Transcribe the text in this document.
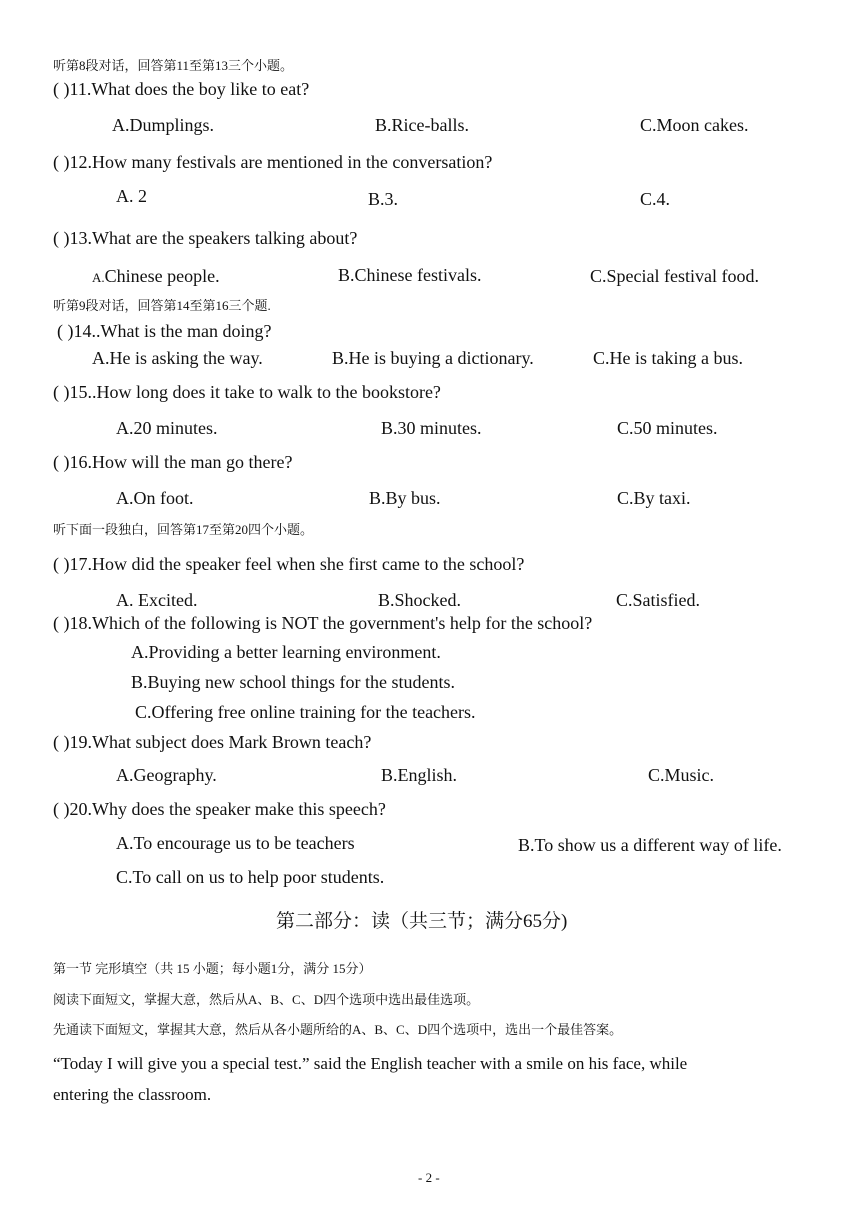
听第8段对话，回答第11至第13三个小题。
( )11.What does the boy like to eat?
A.Dumplings.	B.Rice-balls.	C.Moon cakes.
( )12.How many festivals are mentioned in the conversation?
A. 2	B.3.	C.4.
( )13.What are the speakers talking about?
A.Chinese people.	B.Chinese festivals.	C.Special festival food.
听第9段对话，回答第14至第16三个题.
( )14..What is the man doing?
A.He is asking the way.	B.He is buying a dictionary.	C.He is taking a bus.
( )15..How long does it take to walk to the bookstore?
A.20 minutes.	B.30 minutes.	C.50 minutes.
( )16.How will the man go there?
A.On foot.	B.By bus.	C.By taxi.
听下面一段独白，回答第17至第20四个小题。
( )17.How did the speaker feel when she first came to the school?
A. Excited.	B.Shocked.	C.Satisfied.
( )18.Which of the following is NOT the government's help for the school?
A.Providing a better learning environment.
B.Buying new school things for the students.
C.Offering free online training for the teachers.
( )19.What subject does Mark Brown teach?
A.Geography.	B.English.	C.Music.
( )20.Why does the speaker make this speech?
A.To encourage us to be teachers	B.To show us a different way of life.
C.To call on us to help poor students.
第二部分：读（共三节；满分65分)
第一节 完形填空（共 15 小题；每小题1分，满分 15分）
阅读下面短文，掌握大意，然后从A、B、C、D四个选项中选出最佳选项。
先通读下面短文，掌握其大意，然后从各小题所给的A、B、C、D四个选项中，选出一个最佳答案。
“Today I will give you a special test.” said the English teacher with a smile on his face, while
entering the classroom.
- 2 -
